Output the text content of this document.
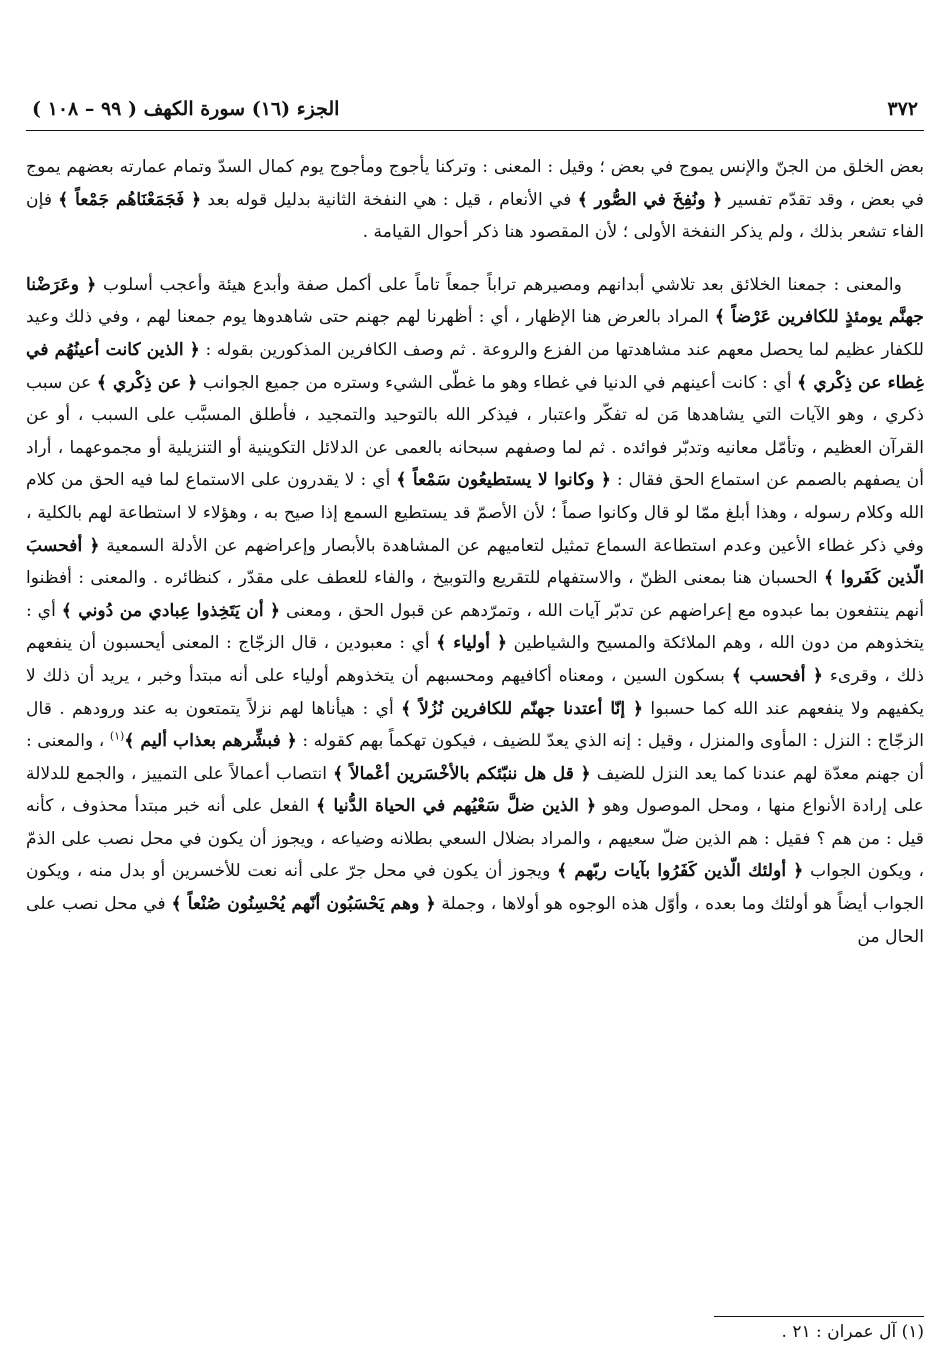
٣٧٢
الجزء (١٦) سورة الكهف ( ٩٩ – ١٠٨ )

بعض الخلق من الجنّ والإنس يموج في بعض ؛ وقيل : المعنى : وتركنا يأجوج ومأجوج يوم كمال السدّ وتمام عمارته بعضهم يموج في بعض ، وقد تقدّم تفسير ﴿ ونُفِخَ في الصُّور ﴾ في الأنعام ، قيل : هي النفخة الثانية بدليل قوله بعد ﴿ فَجَمَعْنَاهُم جَمْعاً ﴾ فإن الفاء تشعر بذلك ، ولم يذكر النفخة الأولى ؛ لأن المقصود هنا ذكر أحوال القيامة .

والمعنى : جمعنا الخلائق بعد تلاشي أبدانهم ومصيرهم تراباً جمعاً تاماً على أكمل صفة وأبدع هيئة وأعجب أسلوب ﴿ وعَرَضْنا جهنَّم يومئذٍ للكافرين عَرْضاً ﴾ المراد بالعرض هنا الإظهار ، أي : أظهرنا لهم جهنم حتى شاهدوها يوم جمعنا لهم ، وفي ذلك وعيد للكفار عظيم لما يحصل معهم عند مشاهدتها من الفزع والروعة . ثم وصف الكافرين المذكورين بقوله : ﴿ الذين كانت أعينُهُم في غِطاء عن ذِكْري ﴾ أي : كانت أعينهم في الدنيا في غطاء وهو ما غطّى الشيء وستره من جميع الجوانب ﴿ عن ذِكْري ﴾ عن سبب ذكري ، وهو الآيات التي يشاهدها مَن له تفكّر واعتبار ، فيذكر الله بالتوحيد والتمجيد ، فأطلق المسبَّب على السبب ، أو عن القرآن العظيم ، وتأمّل معانيه وتدبّر فوائده . ثم لما وصفهم سبحانه بالعمى عن الدلائل التكوينية أو التنزيلية أو مجموعهما ، أراد أن يصفهم بالصمم عن استماع الحق فقال : ﴿ وكانوا لا يستطيعُون سَمْعاً ﴾ أي : لا يقدرون على الاستماع لما فيه الحق من كلام الله وكلام رسوله ، وهذا أبلغ ممّا لو قال وكانوا صماً ؛ لأن الأصمّ قد يستطيع السمع إذا صيح به ، وهؤلاء لا استطاعة لهم بالكلية ، وفي ذكر غطاء الأعين وعدم استطاعة السماع تمثيل لتعاميهم عن المشاهدة بالأبصار وإعراضهم عن الأدلة السمعية ﴿ أفحسبَ الّذين كَفَروا ﴾ الحسبان هنا بمعنى الظنّ ، والاستفهام للتقريع والتوبيخ ، والفاء للعطف على مقدّر ، كنظائره . والمعنى : أفظنوا أنهم ينتفعون بما عبدوه مع إعراضهم عن تدبّر آيات الله ، وتمرّدهم عن قبول الحق ، ومعنى ﴿ أن يَتَخِذوا عِبادي من دُوني ﴾ أي : يتخذوهم من دون الله ، وهم الملائكة والمسيح والشياطين ﴿ أولياء ﴾ أي : معبودين ، قال الزجّاج : المعنى أيحسبون أن ينفعهم ذلك ، وقرىء ﴿ أفحسب ﴾ بسكون السين ، ومعناه أكافيهم ومحسبهم أن يتخذوهم أولياء على أنه مبتدأ وخبر ، يريد أن ذلك لا يكفيهم ولا ينفعهم عند الله كما حسبوا ﴿ إنّا أعتدنا جهنّم للكافرين نُزُلاً ﴾ أي : هيأناها لهم نزلاً يتمتعون به عند ورودهم . قال الزجّاج : النزل : المأوى والمنزل ، وقيل : إنه الذي يعدّ للضيف ، فيكون تهكماً بهم كقوله : ﴿ فبشِّرهم بعذاب أليم ﴾$^{(١)}$ ، والمعنى : أن جهنم معدّة لهم عندنا كما يعد النزل للضيف ﴿ قل هل ننبّئكم بالأخْسَرين أعْمالاً ﴾ انتصاب أعمالاً على التمييز ، والجمع للدلالة على إرادة الأنواع منها ، ومحل الموصول وهو ﴿ الذين ضلَّ سَعْيُهم في الحياة الدُّنيا ﴾ الفعل على أنه خبر مبتدأ محذوف ، كأنه قيل : من هم ؟ فقيل : هم الذين ضلّ سعيهم ، والمراد بضلال السعي بطلانه وضياعه ، ويجوز أن يكون في محل نصب على الذمّ ، ويكون الجواب ﴿ أولئك الّذين كَفَرُوا بآيات ربّهم ﴾ ويجوز أن يكون في محل جرّ على أنه نعت للأخسرين أو بدل منه ، ويكون الجواب أيضاً هو أولئك وما بعده ، وأوّل هذه الوجوه هو أولاها ، وجملة ﴿ وهم يَحْسَبُون أنّهم يُحْسِنُون صُنْعاً ﴾ في محل نصب على الحال من

(١) آل عمران : ٢١ .
